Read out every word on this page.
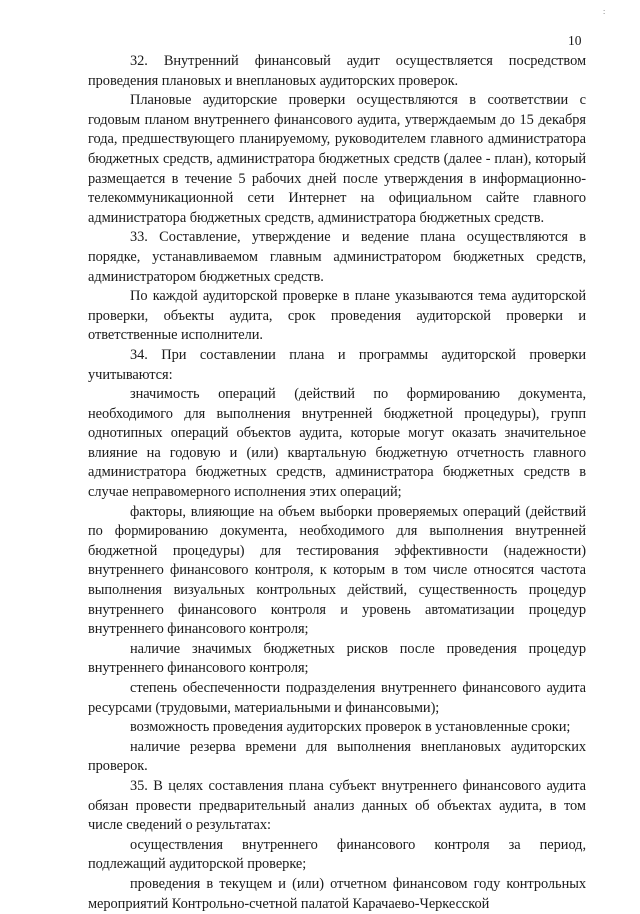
:
10

32. Внутренний финансовый аудит осуществляется посредством проведения плановых и внеплановых аудиторских проверок.

Плановые аудиторские проверки осуществляются в соответствии с годовым планом внутреннего финансового аудита, утверждаемым до 15 декабря года, предшествующего планируемому, руководителем главного администратора бюджетных средств, администратора бюджетных средств (далее - план), который размещается в течение 5 рабочих дней после утверждения в информационно-телекоммуникационной сети Интернет на официальном сайте главного администратора бюджетных средств, администратора бюджетных средств.

33. Составление, утверждение и ведение плана осуществляются в порядке, устанавливаемом главным администратором бюджетных средств, администратором бюджетных средств.

По каждой аудиторской проверке в плане указываются тема аудиторской проверки, объекты аудита, срок проведения аудиторской проверки и ответственные исполнители.

34. При составлении плана и программы аудиторской проверки учитываются:

значимость операций (действий по формированию документа, необходимого для выполнения внутренней бюджетной процедуры), групп однотипных операций объектов аудита, которые могут оказать значительное влияние на годовую и (или) квартальную бюджетную отчетность главного администратора бюджетных средств, администратора бюджетных средств в случае неправомерного исполнения этих операций;

факторы, влияющие на объем выборки проверяемых операций (действий по формированию документа, необходимого для выполнения внутренней бюджетной процедуры) для тестирования эффективности (надежности) внутреннего финансового контроля, к которым в том числе относятся частота выполнения визуальных контрольных действий, существенность процедур внутреннего финансового контроля и уровень автоматизации процедур внутреннего финансового контроля;

наличие значимых бюджетных рисков после проведения процедур внутреннего финансового контроля;

степень обеспеченности подразделения внутреннего финансового аудита ресурсами (трудовыми, материальными и финансовыми);

возможность проведения аудиторских проверок в установленные сроки;

наличие резерва времени для выполнения внеплановых аудиторских проверок.

35. В целях составления плана субъект внутреннего финансового аудита обязан провести предварительный анализ данных об объектах аудита, в том числе сведений о результатах:

осуществления внутреннего финансового контроля за период, подлежащий аудиторской проверке;

проведения в текущем и (или) отчетном финансовом году контрольных мероприятий Контрольно-счетной палатой Карачаево-Черкесской
